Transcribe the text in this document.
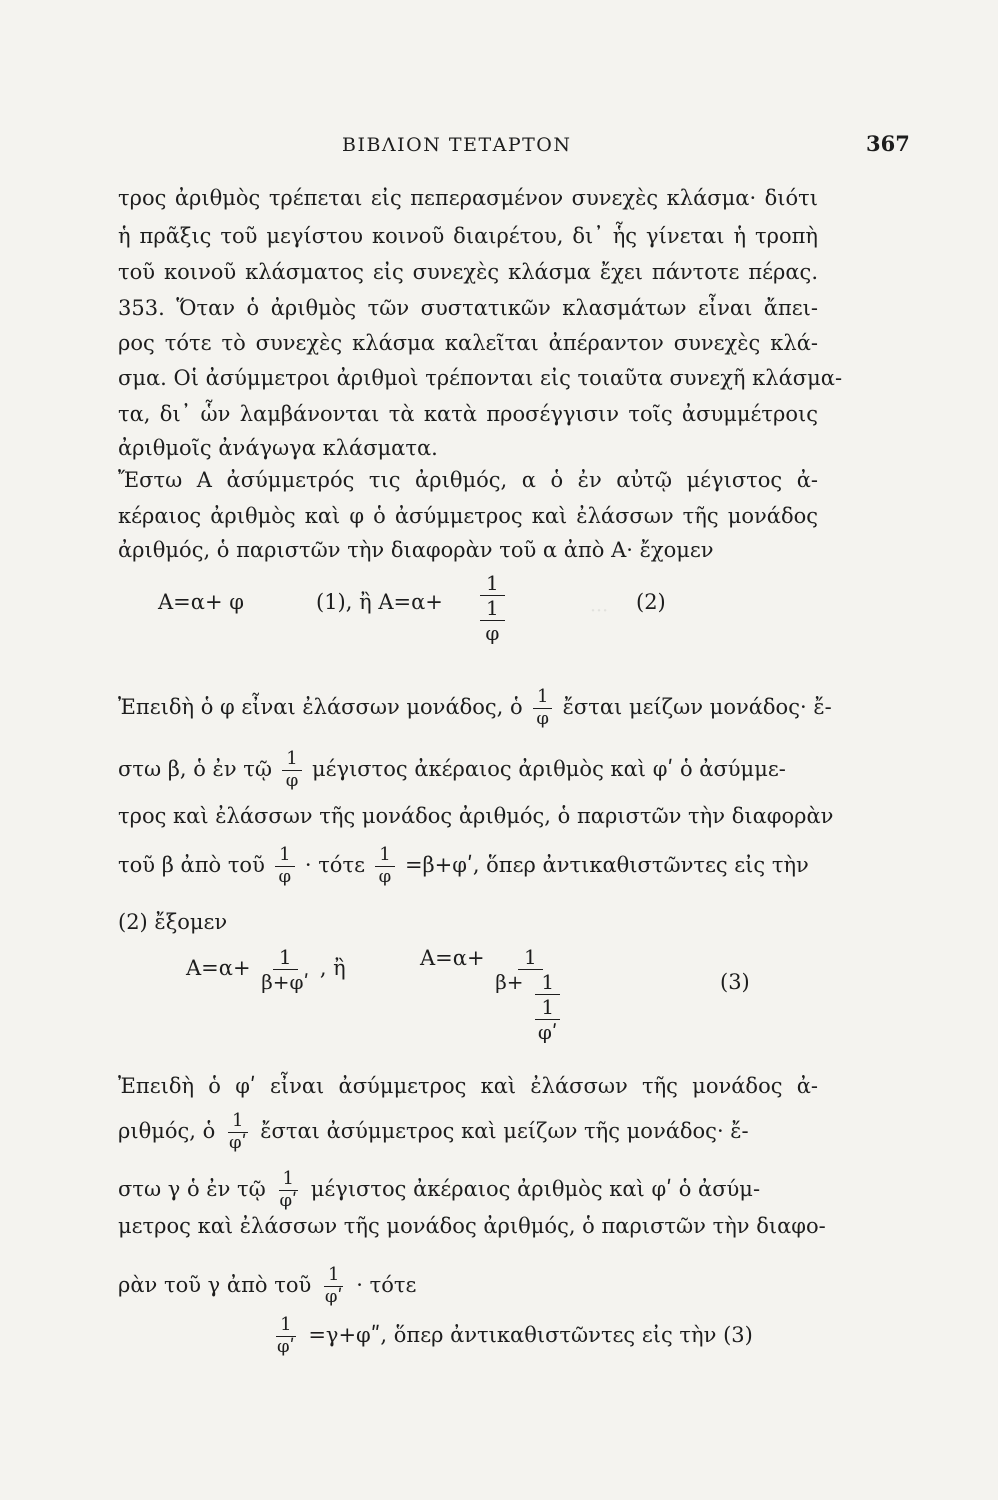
···
ΒΙΒΛΙΟΝ ΤΕΤΑΡΤΟΝ	367
τρος ἀριθμὸς τρέπεται εἰς πεπερασμένον συνεχὲς κλάσμα· διότι
ἡ πρᾶξις τοῦ μεγίστου κοινοῦ διαιρέτου, δι᾽ ἧς γίνεται ἡ τροπὴ
τοῦ κοινοῦ κλάσματος εἰς συνεχὲς κλάσμα ἔχει πάντοτε πέρας.
353. Ὅταν ὁ ἀριθμὸς τῶν συστατικῶν κλασμάτων εἶναι ἄπει-
ρος τότε τὸ συνεχὲς κλάσμα καλεῖται ἀπέραντον συνεχὲς κλά-
σμα. Οἱ ἀσύμμετροι ἀριθμοὶ τρέπονται εἰς τοιαῦτα συνεχῆ κλάσμα-
τα, δι᾽ ὧν λαμβάνονται τὰ κατὰ προσέγγισιν τοῖς ἀσυμμέτροις
ἀριθμοῖς ἀνάγωγα κλάσματα.
Ἔστω Α ἀσύμμετρός τις ἀριθμός, α ὁ ἐν αὐτῷ μέγιστος ἀ-
κέραιος ἀριθμὸς καὶ φ ὁ ἀσύμμετρος καὶ ἐλάσσων τῆς μονάδος
ἀριθμός, ὁ παριστῶν τὴν διαφορὰν τοῦ α ἀπὸ Α· ἔχομεν
Α=α+ φ	(1), ἢ $A=\alpha+ \frac{1}{\frac{1}{\varphi}}$	(2)
Ἐπειδὴ ὁ φ εἶναι ἐλάσσων μονάδος, ὁ $\frac{1}{\varphi}$ ἔσται μείζων μονάδος· ἔ-
στω β, ὁ ἐν τῷ $\frac{1}{\varphi}$ μέγιστος ἀκέραιος ἀριθμὸς καὶ φʹ ὁ ἀσύμμε-
τρος καὶ ἐλάσσων τῆς μονάδος ἀριθμός, ὁ παριστῶν τὴν διαφορὰν
τοῦ β ἀπὸ τοῦ $\frac{1}{\varphi} \cdot \tau ό\tau\varepsilon \frac{1}{\varphi}$ =β+φʹ, ὅπερ ἀντικαθιστῶντες εἰς τὴν
(2) ἔξομεν
Α=α+	1
β+φʹ
, ἢ	Α=α+	1
β+ 1
1
φʹ
(3)
Ἐπειδὴ ὁ φʹ εἶναι ἀσύμμετρος καὶ ἐλάσσων τῆς μονάδος ἀ-
ριθμός, ὁ $\frac{1}{\text{φʹ}}$ ἔσται ἀσύμμετρος καὶ μείζων τῆς μονάδος· ἔ-
στω γ ὁ ἐν τῷ $\frac{1}{\text{φʹ}}$ μέγιστος ἀκέραιος ἀριθμὸς καὶ φʹ ὁ ἀσύμ-
μετρος καὶ ἐλάσσων τῆς μονάδος ἀριθμός, ὁ παριστῶν τὴν διαφο-
ρὰν τοῦ γ ἀπὸ τοῦ $\frac{1}{\text{φʹ}} \cdot \tau ό\tau\varepsilon$
$\frac{1}{\text{φʹ}}$ =γ+φʺ, ὅπερ ἀντικαθιστῶντες εἰς τὴν (3)
